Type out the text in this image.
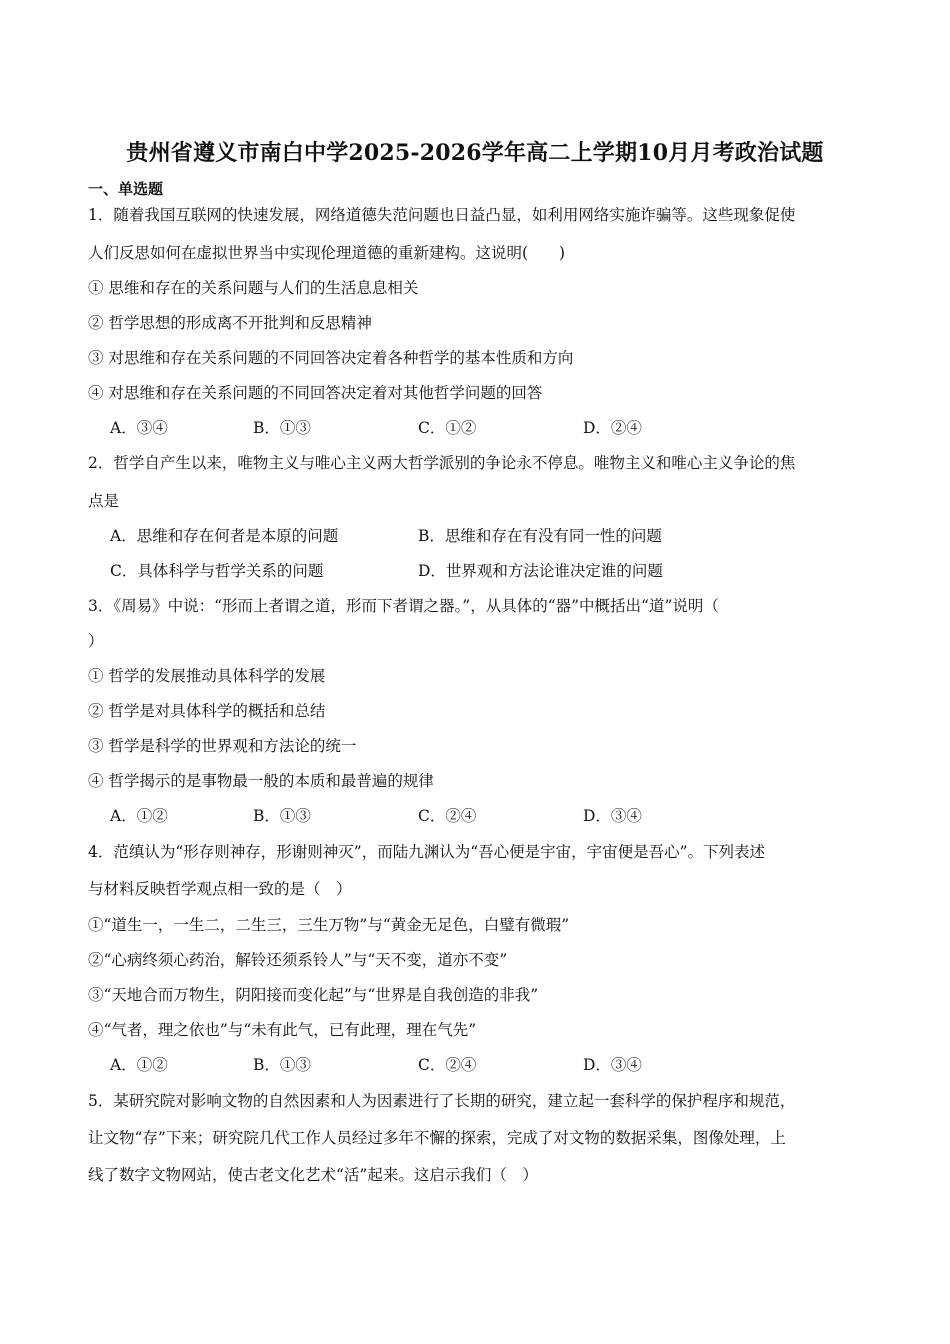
贵州省遵义市南白中学2025-2026学年高二上学期10月月考政治试题
一、单选题
1．随着我国互联网的快速发展，网络道德失范问题也日益凸显，如利用网络实施诈骗等。这些现象促使
人们反思如何在虚拟世界当中实现伦理道德的重新建构。这说明(　　)
① 思维和存在的关系问题与人们的生活息息相关
② 哲学思想的形成离不开批判和反思精神
③ 对思维和存在关系问题的不同回答决定着各种哲学的基本性质和方向
④ 对思维和存在关系问题的不同回答决定着对其他哲学问题的回答
A．③④	B．①③	C．①②	D．②④
2．哲学自产生以来，唯物主义与唯心主义两大哲学派别的争论永不停息。唯物主义和唯心主义争论的焦
点是
A．思维和存在何者是本原的问题	B．思维和存在有没有同一性的问题
C．具体科学与哲学关系的问题	D．世界观和方法论谁决定谁的问题
3．《周易》中说：“形而上者谓之道，形而下者谓之器。”，从具体的“器”中概括出“道”说明（
）
① 哲学的发展推动具体科学的发展
② 哲学是对具体科学的概括和总结
③ 哲学是科学的世界观和方法论的统一
④ 哲学揭示的是事物最一般的本质和最普遍的规律
A．①②	B．①③	C．②④	D．③④
4．范缜认为“形存则神存，形谢则神灭”，而陆九渊认为“吾心便是宇宙，宇宙便是吾心”。下列表述
与材料反映哲学观点相一致的是（　）
①“道生一，一生二，二生三，三生万物”与“黄金无足色，白璧有微瑕”
②“心病终须心药治，解铃还须系铃人”与“天不变，道亦不变”
③“天地合而万物生，阴阳接而变化起”与“世界是自我创造的非我”
④“气者，理之依也”与“未有此气，已有此理，理在气先”
A．①②	B．①③	C．②④	D．③④
5．某研究院对影响文物的自然因素和人为因素进行了长期的研究，建立起一套科学的保护程序和规范，
让文物“存”下来；研究院几代工作人员经过多年不懈的探索，完成了对文物的数据采集，图像处理，上
线了数字文物网站，使古老文化艺术“活”起来。这启示我们（　）
